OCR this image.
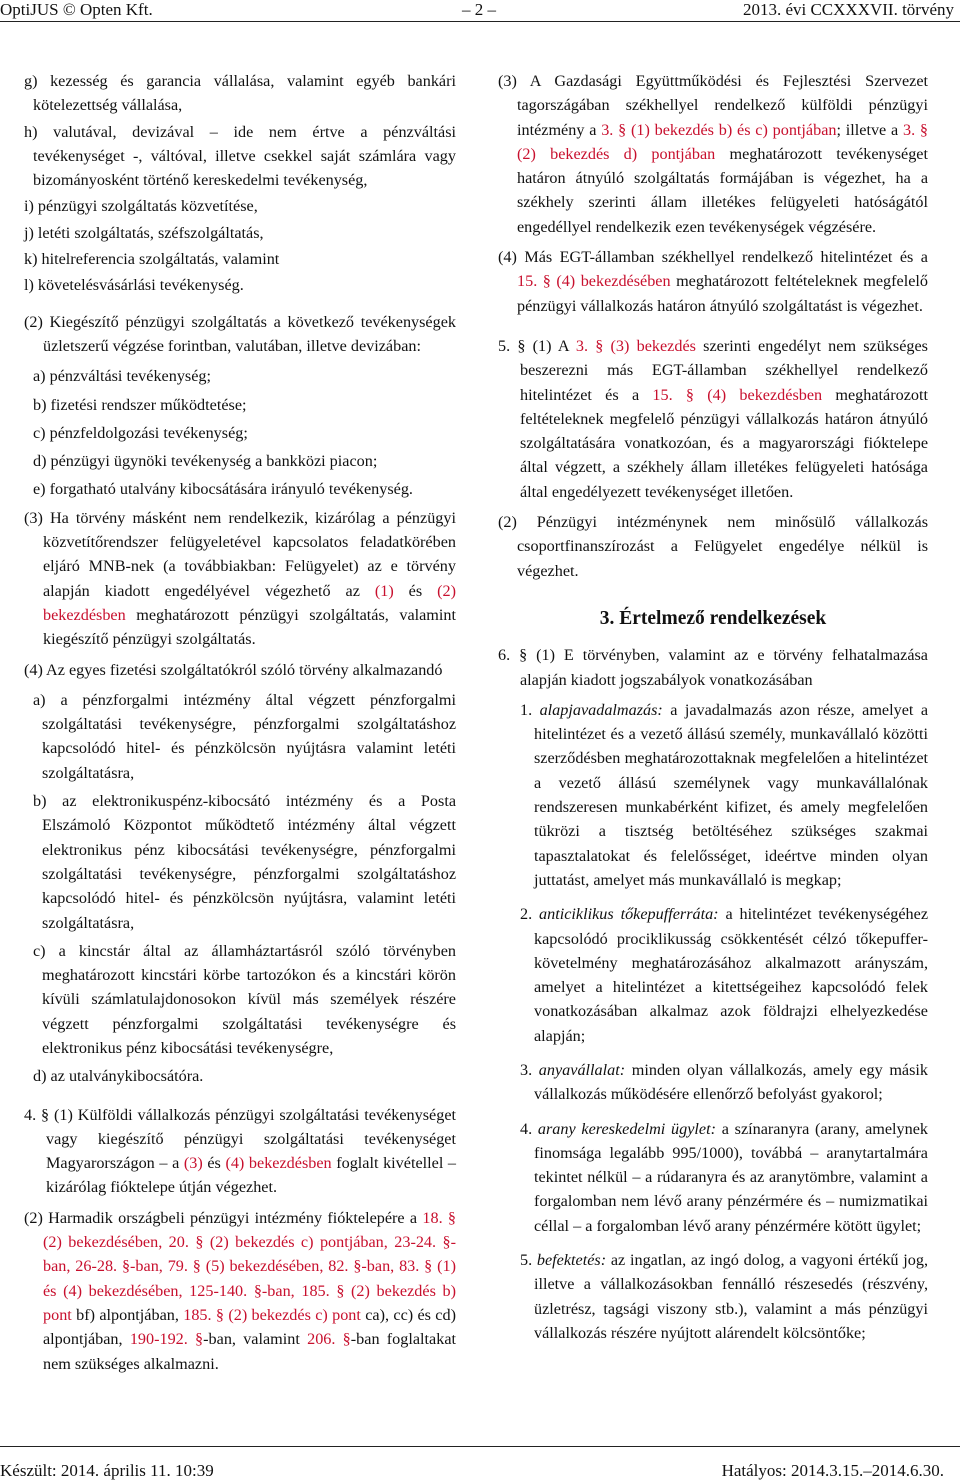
OptiJUS © Opten Kft.	– 2 –	2013. évi CCXXXVII. törvény

g) kezesség és garancia vállalása, valamint egyéb bankári kötelezettség vállalása,

h) valutával, devizával – ide nem értve a pénzváltási tevékenységet -, váltóval, illetve csekkel saját számlára vagy bizományosként történő kereskedelmi tevékenység,

i) pénzügyi szolgáltatás közvetítése,

j) letéti szolgáltatás, széfszolgáltatás,

k) hitelreferencia szolgáltatás, valamint

l) követelésvásárlási tevékenység.

(2) Kiegészítő pénzügyi szolgáltatás a következő tevékenységek üzletszerű végzése forintban, valutában, illetve devizában:

a) pénzváltási tevékenység;

b) fizetési rendszer működtetése;

c) pénzfeldolgozási tevékenység;

d) pénzügyi ügynöki tevékenység a bankközi piacon;

e) forgatható utalvány kibocsátására irányuló tevékenység.

(3) Ha törvény másként nem rendelkezik, kizárólag a pénzügyi közvetítőrendszer felügyeletével kapcsolatos feladatkörében eljáró MNB-nek (a továbbiakban: Felügyelet) az e törvény alapján kiadott engedélyével végezhető az (1) és (2) bekezdésben meghatározott pénzügyi szolgáltatás, valamint kiegészítő pénzügyi szolgáltatás.

(4) Az egyes fizetési szolgáltatókról szóló törvény alkalmazandó

a) a pénzforgalmi intézmény által végzett pénzforgalmi szolgáltatási tevékenységre, pénzforgalmi szolgáltatáshoz kapcsolódó hitel- és pénzkölcsön nyújtásra valamint letéti szolgáltatásra,

b) az elektronikuspénz-kibocsátó intézmény és a Posta Elszámoló Központot működtető intézmény által végzett elektronikus pénz kibocsátási tevékenységre, pénzforgalmi szolgáltatási tevékenységre, pénzforgalmi szolgáltatáshoz kapcsolódó hitel- és pénzkölcsön nyújtásra, valamint letéti szolgáltatásra,

c) a kincstár által az államháztartásról szóló törvényben meghatározott kincstári körbe tartozókon és a kincstári körön kívüli számlatulajdonosokon kívül más személyek részére végzett pénzforgalmi szolgáltatási tevékenységre és elektronikus pénz kibocsátási tevékenységre,

d) az utalványkibocsátóra.

4. § (1) Külföldi vállalkozás pénzügyi szolgáltatási tevékenységet vagy kiegészítő pénzügyi szolgáltatási tevékenységet Magyarországon – a (3) és (4) bekezdésben foglalt kivétellel – kizárólag fióktelepe útján végezhet.

(2) Harmadik országbeli pénzügyi intézmény fióktelepére a 18. § (2) bekezdésében, 20. § (2) bekezdés c) pontjában, 23-24. §-ban, 26-28. §-ban, 79. § (5) bekezdésében, 82. §-ban, 83. § (1) és (4) bekezdésében, 125-140. §-ban, 185. § (2) bekezdés b) pont bf) alpontjában, 185. § (2) bekezdés c) pont ca), cc) és cd) alpontjában, 190-192. §-ban, valamint 206. §-ban foglaltakat nem szükséges alkalmazni.

(3) A Gazdasági Együttműködési és Fejlesztési Szervezet tagországában székhellyel rendelkező külföldi pénzügyi intézmény a 3. § (1) bekezdés b) és c) pontjában; illetve a 3. § (2) bekezdés d) pontjában meghatározott tevékenységet határon átnyúló szolgáltatás formájában is végezhet, ha a székhely szerinti állam illetékes felügyeleti hatóságától engedéllyel rendelkezik ezen tevékenységek végzésére.

(4) Más EGT-államban székhellyel rendelkező hitelintézet és a 15. § (4) bekezdésében meghatározott feltételeknek megfelelő pénzügyi vállalkozás határon átnyúló szolgáltatást is végezhet.

5. § (1) A 3. § (3) bekezdés szerinti engedélyt nem szükséges beszerezni más EGT-államban székhellyel rendelkező hitelintézet és a 15. § (4) bekezdésben meghatározott feltételeknek megfelelő pénzügyi vállalkozás határon átnyúló szolgáltatására vonatkozóan, és a magyarországi fióktelepe által végzett, a székhely állam illetékes felügyeleti hatósága által engedélyezett tevékenységet illetően.

(2) Pénzügyi intézménynek nem minősülő vállalkozás csoportfinanszírozást a Felügyelet engedélye nélkül is végezhet.

3. Értelmező rendelkezések

6. § (1) E törvényben, valamint az e törvény felhatalmazása alapján kiadott jogszabályok vonatkozásában

1. alapjavadalmazás: a javadalmazás azon része, amelyet a hitelintézet és a vezető állású személy, munkavállaló közötti szerződésben meghatározottaknak megfelelően a hitelintézet a vezető állású személynek vagy munkavállalónak rendszeresen munkabérként kifizet, és amely megfelelően tükrözi a tisztség betöltéséhez szükséges szakmai tapasztalatokat és felelősséget, ideértve minden olyan juttatást, amelyet más munkavállaló is megkap;

2. anticiklikus tőkepufferráta: a hitelintézet tevékenységéhez kapcsolódó prociklikusság csökkentését célzó tőkepuffer-követelmény meghatározásához alkalmazott arányszám, amelyet a hitelintézet a kitettségeihez kapcsolódó felek vonatkozásában alkalmaz azok földrajzi elhelyezkedése alapján;

3. anyavállalat: minden olyan vállalkozás, amely egy másik vállalkozás működésére ellenőrző befolyást gyakorol;

4. arany kereskedelmi ügylet: a színaranyra (arany, amelynek finomsága legalább 995/1000), továbbá – aranytartalmára tekintet nélkül – a rúdaranyra és az aranytömbre, valamint a forgalomban nem lévő arany pénzérmére és – numizmatikai céllal – a forgalomban lévő arany pénzérmére kötött ügylet;

5. befektetés: az ingatlan, az ingó dolog, a vagyoni értékű jog, illetve a vállalkozásokban fennálló részesedés (részvény, üzletrész, tagsági viszony stb.), valamint a más pénzügyi vállalkozás részére nyújtott alárendelt kölcsöntőke;

Készült: 2014. április 11. 10:39	Hatályos: 2014.3.15.–2014.6.30.
